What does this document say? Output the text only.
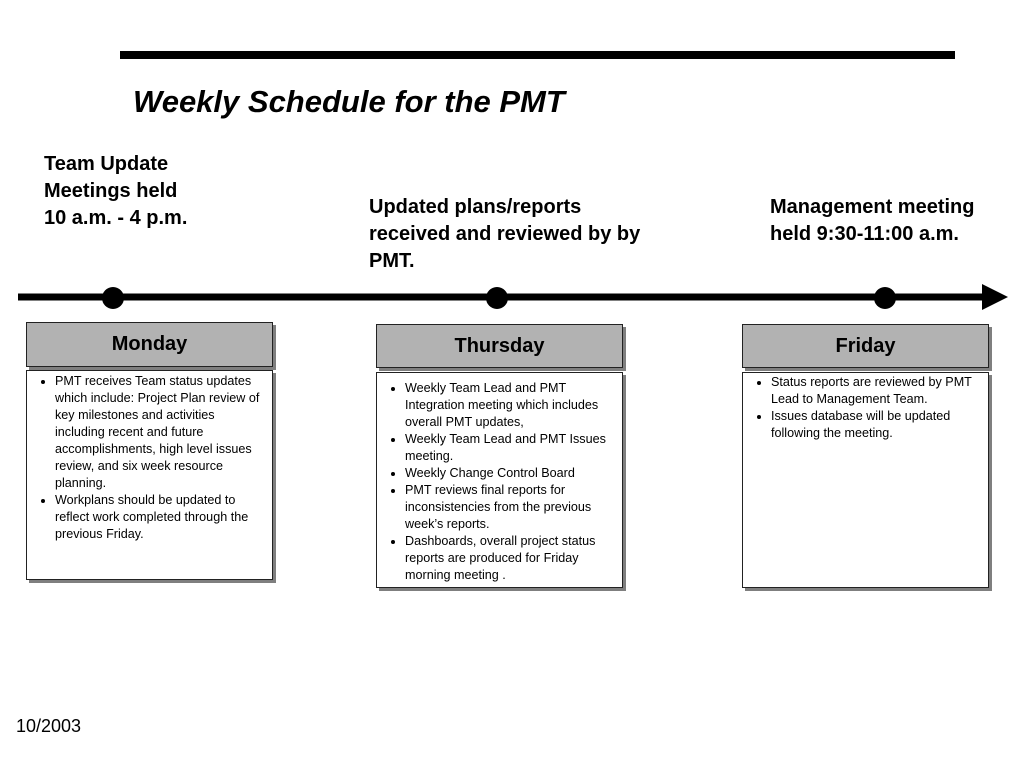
Weekly Schedule for the PMT

Team Update Meetings held 10 a.m. - 4 p.m.	Updated plans/reports received and reviewed by by PMT.

Management meeting held 9:30-11:00 a.m.

Monday
• PMT receives Team status updates which include: Project Plan review of key milestones and activities including recent and future accomplishments, high level issues review, and six week resource planning.
• Workplans should be updated to reflect work completed through the previous Friday.
Thursday
• Weekly Team Lead and PMT Integration meeting which includes overall PMT updates,
• Weekly Team Lead and PMT Issues meeting.
• Weekly Change Control Board
• PMT reviews final reports for inconsistencies from the previous week’s reports.
• Dashboards, overall project status reports are produced for Friday morning meeting .
Friday
• Status reports are reviewed by PMT Lead to Management Team.
• Issues database will be updated following the meeting.
10/2003
